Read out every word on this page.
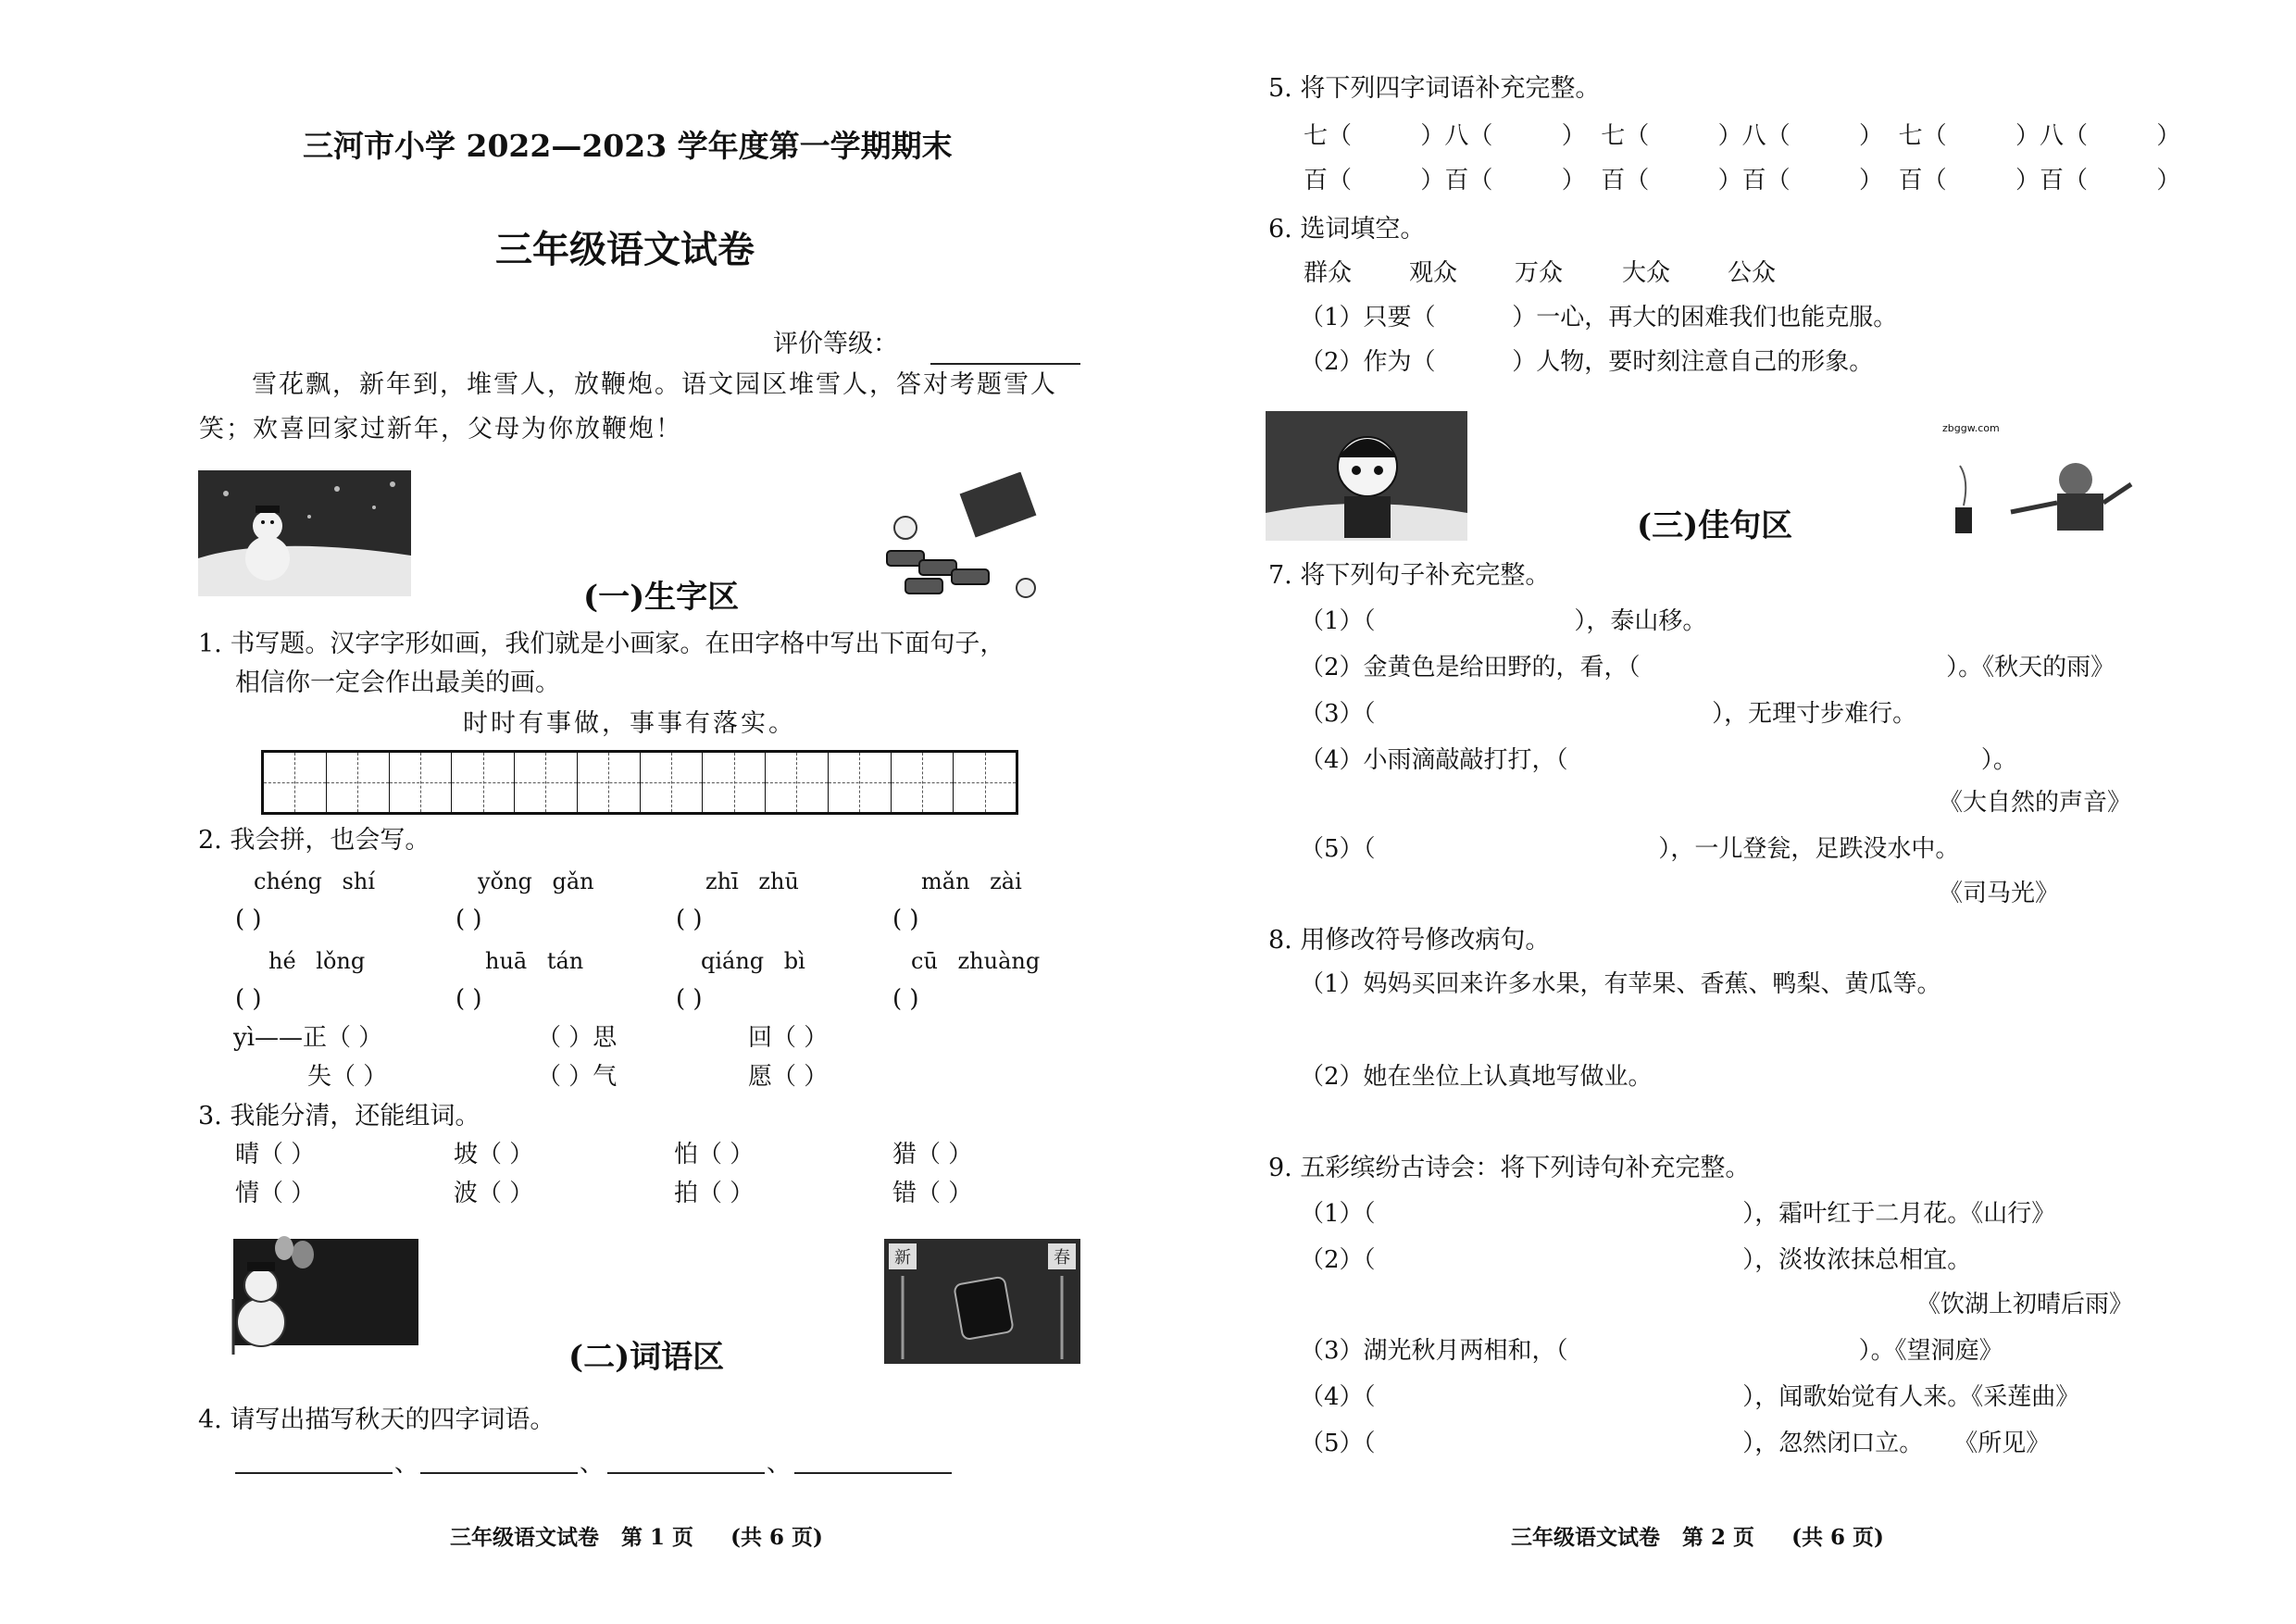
三河市小学 2022—2023 学年度第一学期期末
三年级语文试卷
评价等级：
雪花飘，新年到，堆雪人，放鞭炮。语文园区堆雪人，答对考题雪人
笑；欢喜回家过新年，父母为你放鞭炮！
(一)生字区
1. 书写题。汉字字形如画，我们就是小画家。在田字格中写出下面句子，
相信你一定会作出最美的画。
时时有事做，事事有落实。
2. 我会拼，也会写。
chéng shí	yǒng gǎn	zhī zhū	mǎn zài
( )	( )	( )	( )
hé lǒng	huā tán	qiáng bì	cū zhuàng
( )	( )	( )	( )
yì——正（ ）	（ ）思	回（ ）
失（ ）	（ ）气	愿（ ）
3. 我能分清，还能组词。
晴（ ）	坡（ ）	怕（ ）	猎（ ）
情（ ）	波（ ）	拍（ ）	错（ ）
新	春
(二)词语区
4. 请写出描写秋天的四字词语。
、	、	、
三年级语文试卷   第 1 页     (共 6 页)
5. 将下列四字词语补充完整。
七（         ）八（         ）  七（         ）八（         ）  七（         ）八（         ）
百（         ）百（         ）  百（         ）百（         ）  百（         ）百（         ）
6. 选词填空。
群众 观众 万众 大众 公众
（1）只要（          ）一心，再大的困难我们也能克服。
（2）作为（          ）人物，要时刻注意自己的形象。
zbggw.com
(三)佳句区
7. 将下列句子补充完整。
（1）（                          ），泰山移。
（2）金黄色是给田野的，看，（                                        ）。《秋天的雨》
（3）（                                            ），无理寸步难行。
（4）小雨滴敲敲打打，（                                                      ）。
《大自然的声音》
（5）（                                     ），一儿登瓮，足跌没水中。
《司马光》
8. 用修改符号修改病句。
（1）妈妈买回来许多水果，有苹果、香蕉、鸭梨、黄瓜等。
（2）她在坐位上认真地写做业。
9. 五彩缤纷古诗会：将下列诗句补充完整。
（1）（                                                ），霜叶红于二月花。《山行》
（2）（                                                ），淡妆浓抹总相宜。
《饮湖上初晴后雨》
（3）湖光秋月两相和，（                                      ）。《望洞庭》
（4）（                                                ），闻歌始觉有人来。《采莲曲》
（5）（                                                ），忽然闭口立。    《所见》
三年级语文试卷   第 2 页     (共 6 页)
